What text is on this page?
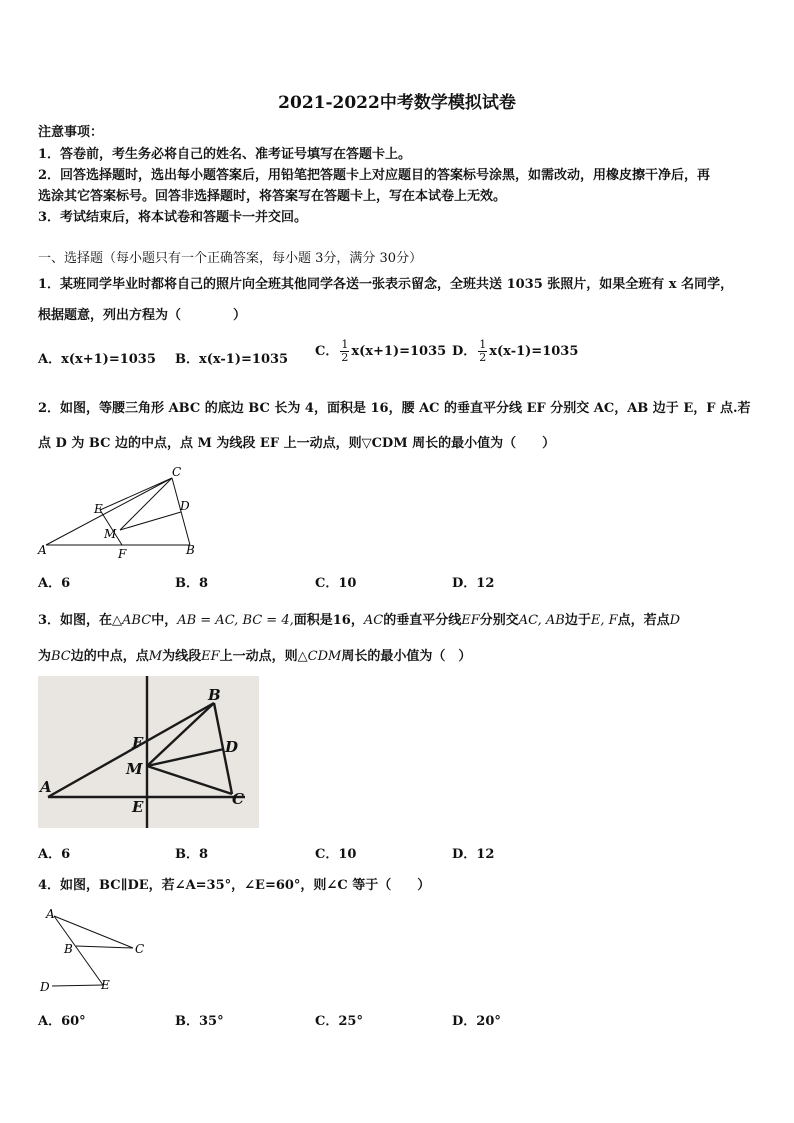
2021-2022中考数学模拟试卷
注意事项：
1．答卷前，考生务必将自己的姓名、准考证号填写在答题卡上。
2．回答选择题时，选出每小题答案后，用铅笔把答题卡上对应题目的答案标号涂黑，如需改动，用橡皮擦干净后，再
选涂其它答案标号。回答非选择题时，将答案写在答题卡上，写在本试卷上无效。
3．考试结束后，将本试卷和答题卡一并交回。
一、选择题（每小题只有一个正确答案，每小题 3分，满分 30分）
1．某班同学毕业时都将自己的照片向全班其他同学各送一张表示留念，全班共送 1035 张照片，如果全班有 x 名同学，
根据题意，列出方程为（　　　　）
A．x(x+1)=1035 B．x(x-1)=1035
C． $\frac{1}{2} x(x+1)=1035$ D． $\frac{1}{2} x(x-1)=1035$
2．如图，等腰三角形 ABC 的底边 BC 长为 4，面积是 16，腰 AC 的垂直平分线 EF 分别交 AC，AB 边于 E，F 点.若
点 D 为 BC 边的中点，点 M 为线段 EF 上一动点，则▽CDM 周长的最小值为（　　）
C
D
E
M
A	F	B
A．6	B．8	C．10	D．12
3．如图，在△ABC中，AB = AC, BC = 4,面积是16，AC的垂直平分线EF分别交AC, AB边于E, F点，若点D
为BC边的中点，点M为线段EF上一动点，则△CDM周长的最小值为（　）
B
D
F
M
A
C
E
A．6	B．8	C．10	D．12
4．如图，BC∥DE，若∠A=35°，∠E=60°，则∠C 等于（　　）
A
B	C
D	E
A．60°	B．35°	C．25°	D．20°
